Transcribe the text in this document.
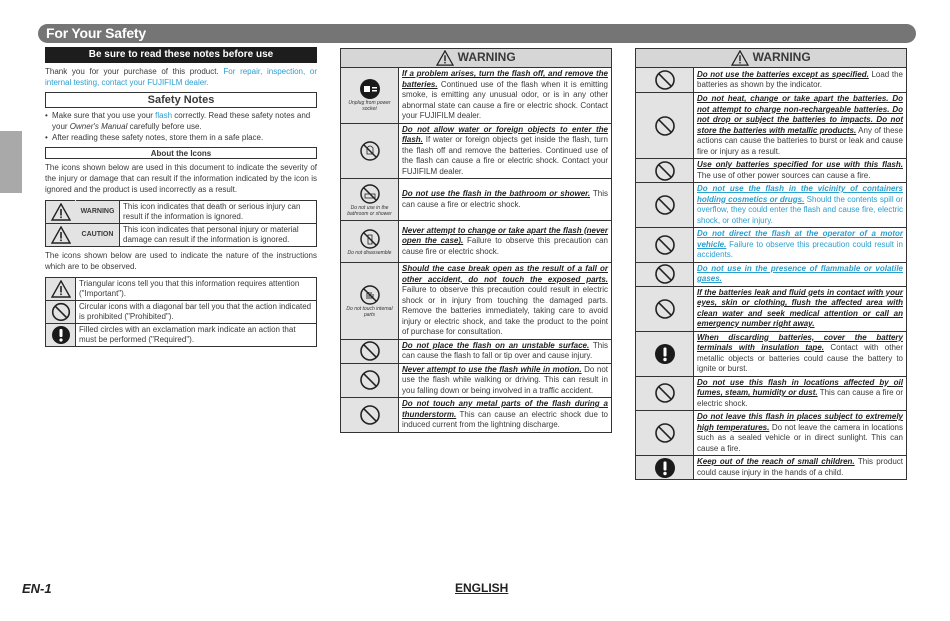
For Your Safety
Be sure to read these notes before use
Thank you for your purchase of this product. For repair, inspection, or internal testing, contact your FUJIFILM dealer.
Safety Notes
• Make sure that you use your flash correctly. Read these safety notes and your Owner's Manual carefully before use.
• After reading these safety notes, store them in a safe place.
About the Icons
The icons shown below are used in this document to indicate the severity of the injury or damage that can result if the information indicated by the icon is ignored and the product is used incorrectly as a result.
	WARNING	This icon indicates that death or serious injury can result if the information is ignored.
	CAUTION	This icon indicates that personal injury or material damage can result if the information is ignored.
The icons shown below are used to indicate the nature of the instructions which are to be observed.
	Triangular icons tell you that this information requires attention ("Important").
	Circular icons with a diagonal bar tell you that the action indicated is prohibited ("Prohibited").
	Filled circles with an exclamation mark indicate an action that must be performed ("Required").
WARNING	

Unplug from power socket	If a problem arises, turn the flash off, and remove the batteries. Continued use of the flash when it is emitting smoke, is emitting any unusual odor, or is in any other abnormal state can cause a fire or electric shock. Contact your FUJIFILM dealer.
	Do not allow water or foreign objects to enter the flash. If water or foreign objects get inside the flash, turn the flash off and remove the batteries. Continued use of the flash can cause a fire or electric shock. Contact your FUJIFILM dealer.

Do not use in the bathroom or shower	Do not use the flash in the bathroom or shower. This can cause a fire or electric shock.

Do not disassemble	Never attempt to change or take apart the flash (never open the case). Failure to observe this precaution can cause fire or electric shock.

Do not touch internal parts	Should the case break open as the result of a fall or other accident, do not touch the exposed parts. Failure to observe this precaution could result in electric shock or in injury from touching the damaged parts. Remove the batteries immediately, taking care to avoid injury or electric shock, and take the product to the point of purchase for consultation.
	Do not place the flash on an unstable surface. This can cause the flash to fall or tip over and cause injury.
	Never attempt to use the flash while in motion. Do not use the flash while walking or driving. This can result in you falling down or being involved in a traffic accident.
	Do not touch any metal parts of the flash during a thunderstorm. This can cause an electric shock due to induced current from the lightning discharge.
WARNING	
	Do not use the batteries except as specified. Load the batteries as shown by the indicator.
	Do not heat, change or take apart the batteries. Do not attempt to charge non-rechargeable batteries. Do not drop or subject the batteries to impacts. Do not store the batteries with metallic products. Any of these actions can cause the batteries to burst or leak and cause fire or injury as a result.
	Use only batteries specified for use with this flash. The use of other power sources can cause a fire.
	Do not use the flash in the vicinity of containers holding cosmetics or drugs. Should the contents spill or overflow, they could enter the flash and cause fire, electric shock, or other injury.
	Do not direct the flash at the operator of a motor vehicle. Failure to observe this precaution could result in accidents.
	Do not use in the presence of flammable or volatile gases.
	If the batteries leak and fluid gets in contact with your eyes, skin or clothing, flush the affected area with clean water and seek medical attention or call an emergency number right away.
	When discarding batteries, cover the battery terminals with insulation tape. Contact with other metallic objects or batteries could cause the battery to ignite or burst.
	Do not use this flash in locations affected by oil fumes, steam, humidity or dust. This can cause a fire or electric shock.
	Do not leave this flash in places subject to extremely high temperatures. Do not leave the camera in locations such as a sealed vehicle or in direct sunlight. This can cause a fire.
	Keep out of the reach of small children. This product could cause injury in the hands of a child.
EN-1	ENGLISH
